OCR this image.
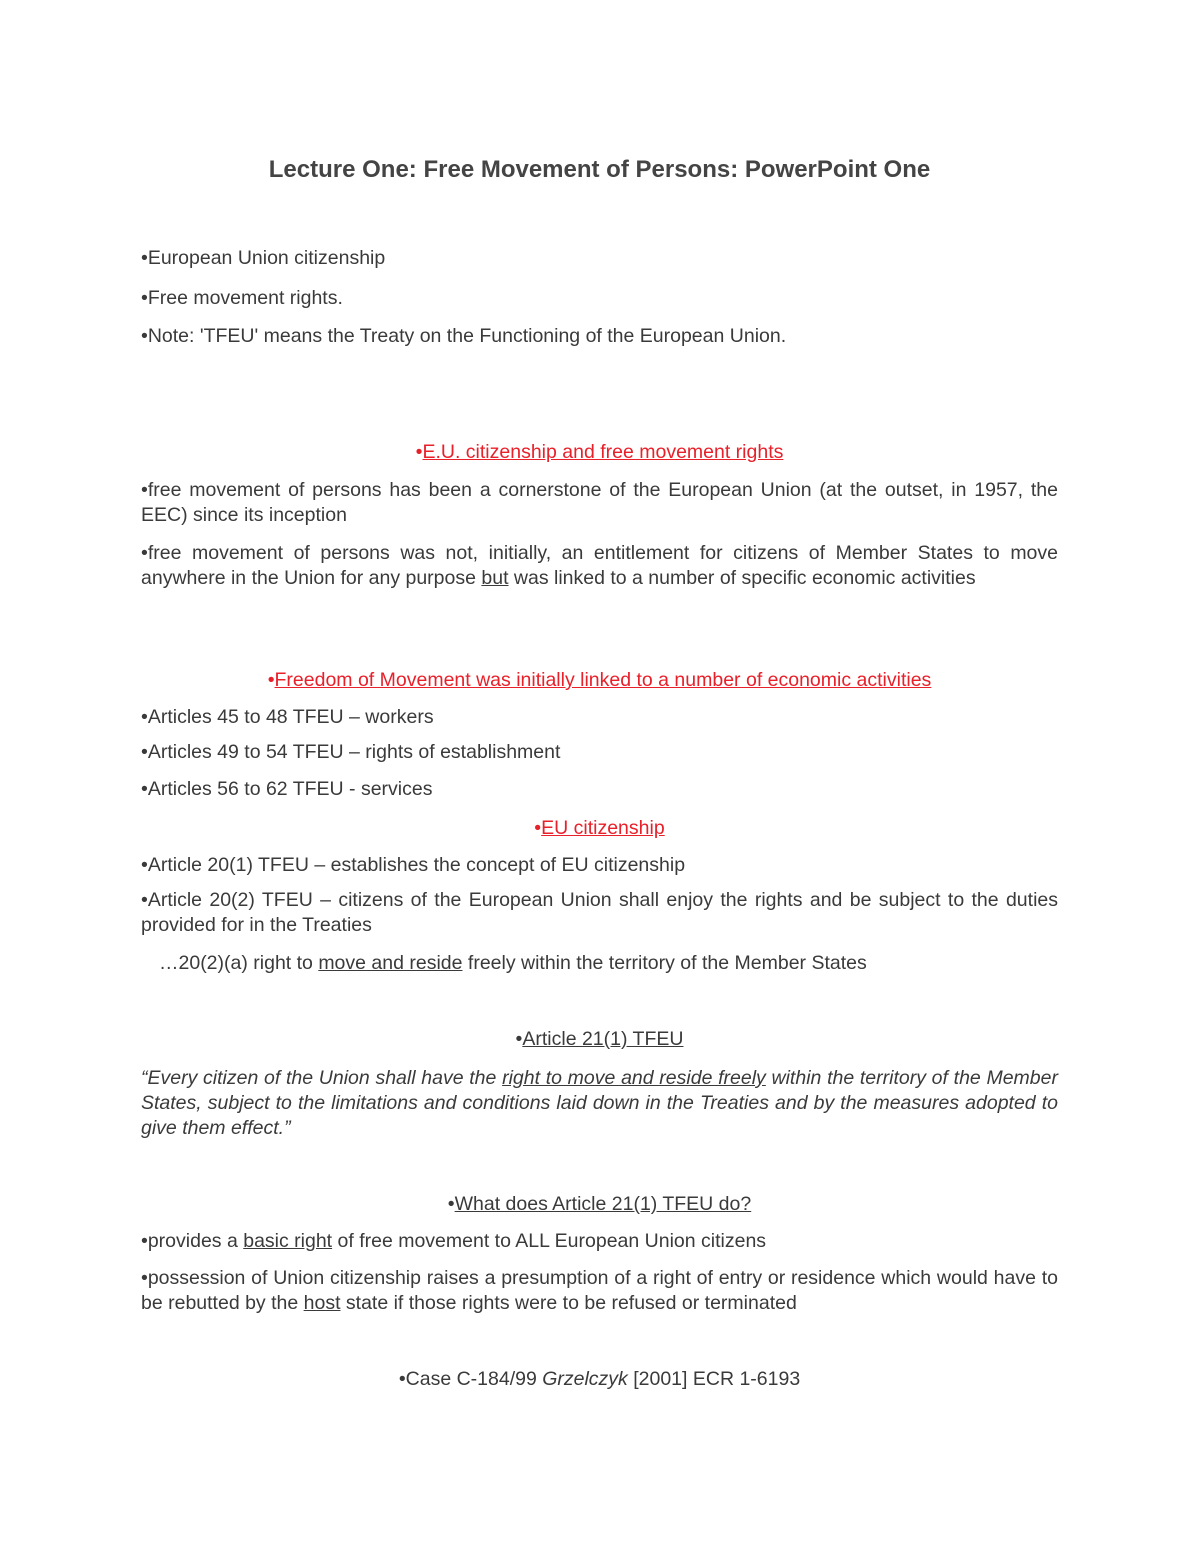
Lecture One: Free Movement of Persons: PowerPoint One

•European Union citizenship

•Free movement rights.

•Note: 'TFEU' means the Treaty on the Functioning of the European Union.

•E.U. citizenship and free movement rights

•free movement of persons has been a cornerstone of the European Union (at the outset, in 1957, the EEC) since its inception

•free movement of persons was not, initially, an entitlement for citizens of Member States to move anywhere in the Union for any purpose but was linked to a number of specific economic activities

•Freedom of Movement was initially linked to a number of economic activities

•Articles 45 to 48 TFEU – workers

•Articles 49 to 54 TFEU – rights of establishment

•Articles 56 to 62 TFEU - services

•EU citizenship

•Article 20(1) TFEU – establishes the concept of EU citizenship

•Article 20(2) TFEU – citizens of the European Union shall enjoy the rights and be subject to the duties provided for in the Treaties

…20(2)(a) right to move and reside freely within the territory of the Member States

•Article 21(1) TFEU

“Every citizen of the Union shall have the right to move and reside freely within the territory of the Member States, subject to the limitations and conditions laid down in the Treaties and by the measures adopted to give them effect.”

•What does Article 21(1) TFEU do?

•provides a basic right of free movement to ALL European Union citizens

•possession of Union citizenship raises a presumption of a right of entry or residence which would have to be rebutted by the host state if those rights were to be refused or terminated

•Case C-184/99 Grzelczyk [2001] ECR 1-6193
